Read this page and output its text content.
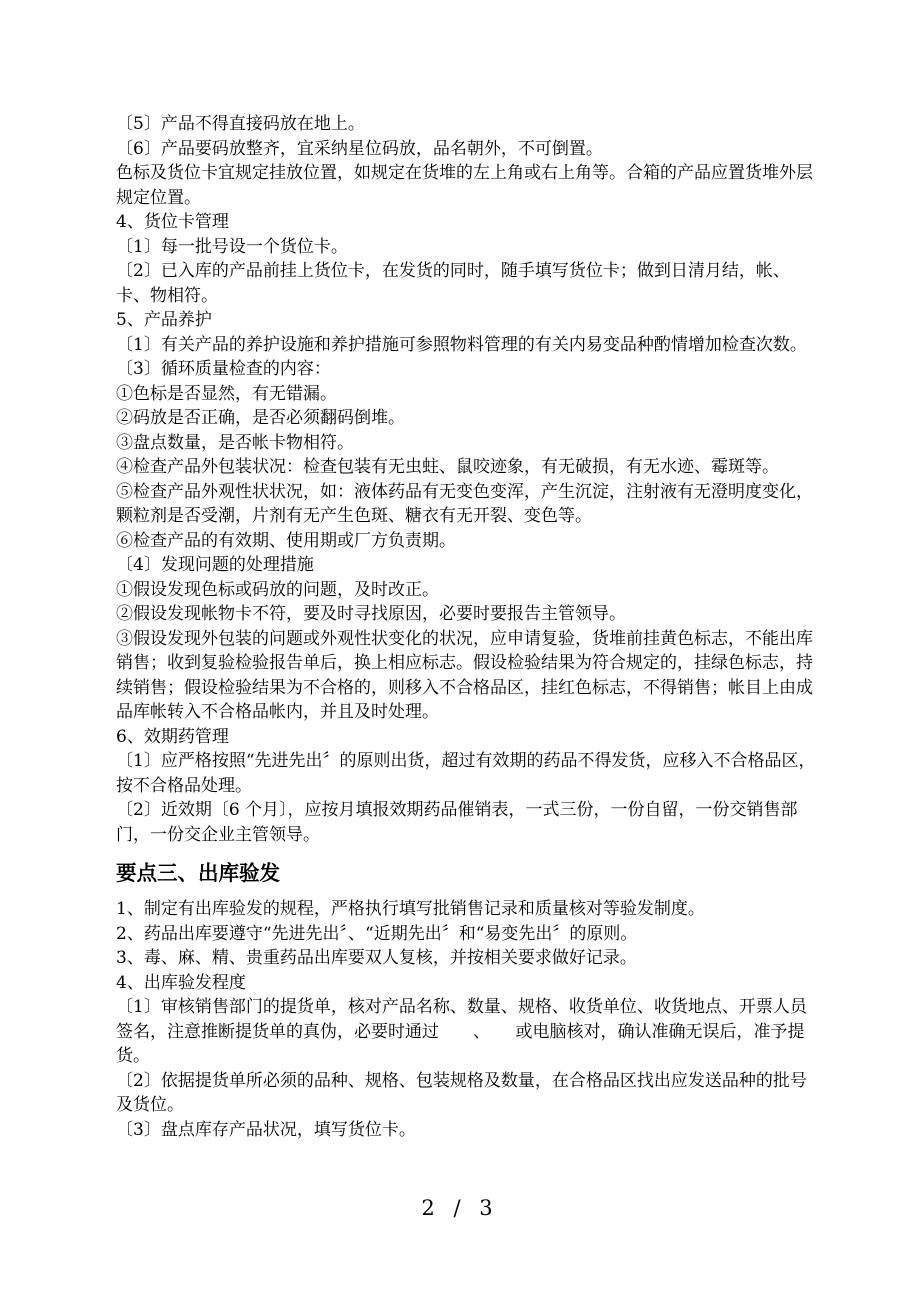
〔5〕产品不得直接码放在地上。

〔6〕产品要码放整齐，宜采纳星位码放，品名朝外，不可倒置。

色标及货位卡宜规定挂放位置，如规定在货堆的左上角或右上角等。合箱的产品应置货堆外层规定位置。

4、货位卡管理

〔1〕每一批号设一个货位卡。

〔2〕已入库的产品前挂上货位卡，在发货的同时，随手填写货位卡；做到日清月结，帐、卡、物相符。

5、产品养护

〔1〕有关产品的养护设施和养护措施可参照物料管理的有关内易变品种酌情增加检查次数。

〔3〕循环质量检查的内容：

①色标是否显然，有无错漏。

②码放是否正确，是否必须翻码倒堆。

③盘点数量，是否帐卡物相符。

④检查产品外包装状况：检查包装有无虫蛀、鼠咬迹象，有无破损，有无水迹、霉斑等。

⑤检查产品外观性状状况，如：液体药品有无变色变浑，产生沉淀，注射液有无澄明度变化，颗粒剂是否受潮，片剂有无产生色斑、糖衣有无开裂、变色等。

⑥检查产品的有效期、使用期或厂方负责期。

〔4〕发现问题的处理措施

①假设发现色标或码放的问题，及时改正。

②假设发现帐物卡不符，要及时寻找原因，必要时要报告主管领导。

③假设发现外包装的问题或外观性状变化的状况，应申请复验，货堆前挂黄色标志，不能出库销售；收到复验检验报告单后，换上相应标志。假设检验结果为符合规定的，挂绿色标志，持续销售；假设检验结果为不合格的，则移入不合格品区，挂红色标志，不得销售；帐目上由成品库帐转入不合格品帐内，并且及时处理。

6、效期药管理

〔1〕应严格按照“先进先出〞的原则出货，超过有效期的药品不得发货，应移入不合格品区，按不合格品处理。

〔2〕近效期〔6 个月〕，应按月填报效期药品催销表，一式三份，一份自留，一份交销售部门，一份交企业主管领导。

要点三、出库验发

1、制定有出库验发的规程，严格执行填写批销售记录和质量核对等验发制度。

2、药品出库要遵守“先进先出〞、“近期先出〞和“易变先出〞的原则。

3、毒、麻、精、贵重药品出库要双人复核，并按相关要求做好记录。

4、出库验发程度

〔1〕审核销售部门的提货单，核对产品名称、数量、规格、收货单位、收货地点、开票人员签名，注意推断提货单的真伪，必要时通过　　、　　或电脑核对，确认准确无误后，准予提货。

〔2〕依据提货单所必须的品种、规格、包装规格及数量，在合格品区找出应发送品种的批号及货位。

〔3〕盘点库存产品状况，填写货位卡。

2 / 3
